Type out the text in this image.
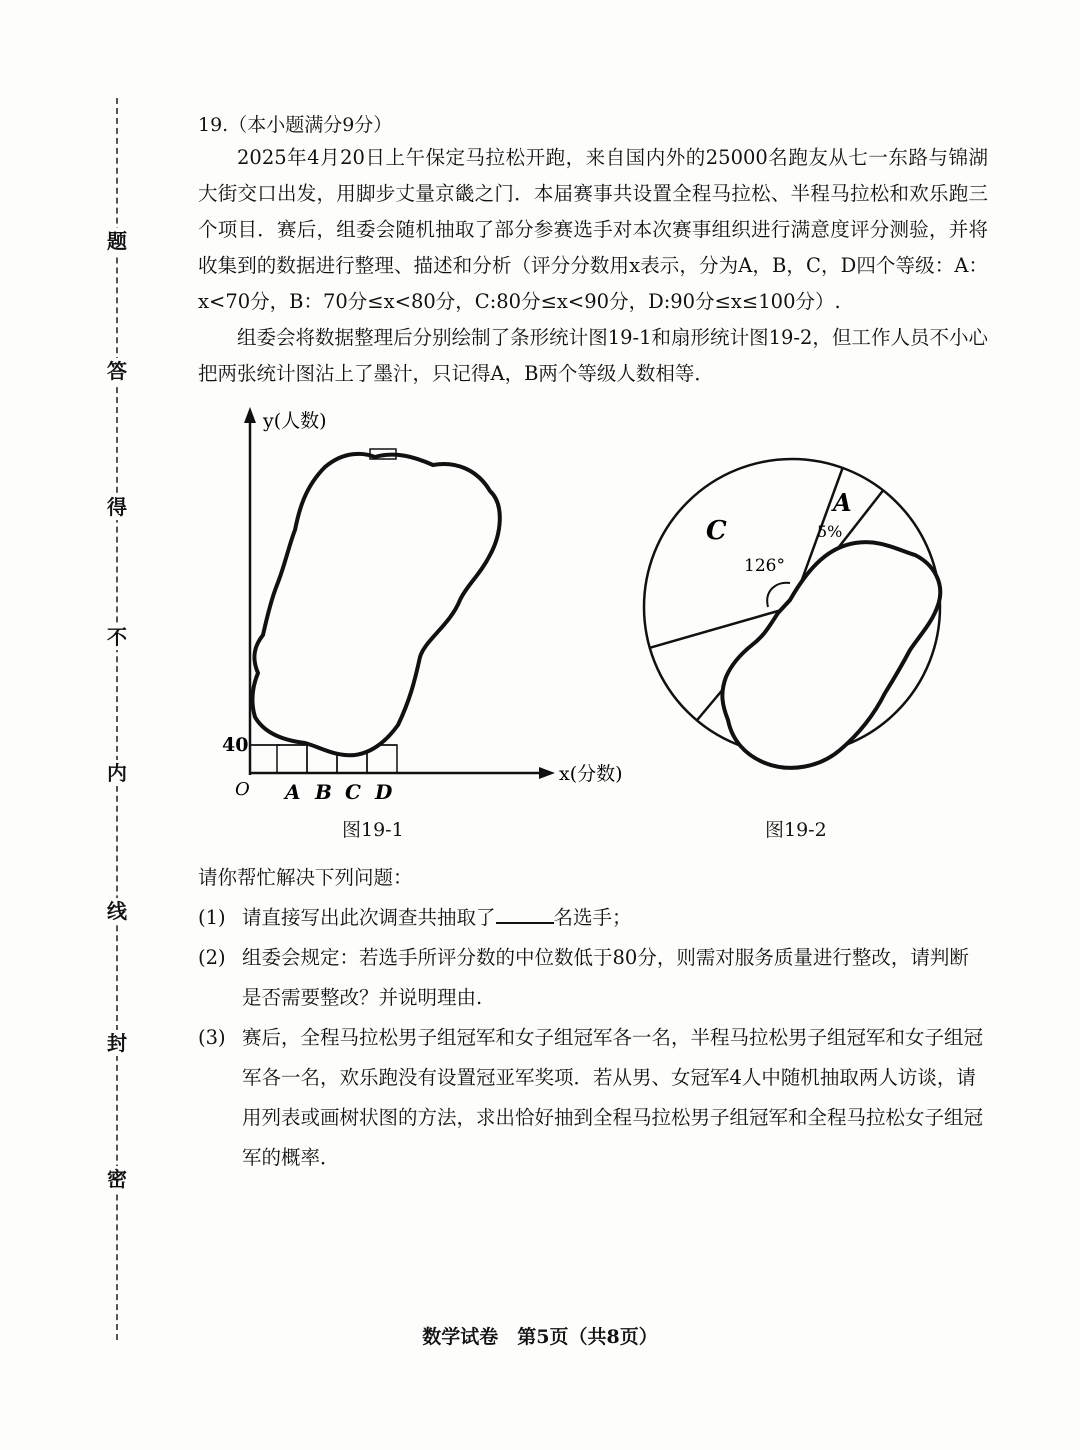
题
答
得
不
内
线
封
密
19.（本小题满分9分）

2025年4月20日上午保定马拉松开跑，来自国内外的25000名跑友从七一东路与锦湖大街交口出发，用脚步丈量京畿之门．本届赛事共设置全程马拉松、半程马拉松和欢乐跑三个项目．赛后，组委会随机抽取了部分参赛选手对本次赛事组织进行满意度评分测验，并将收集到的数据进行整理、描述和分析（评分分数用x表示，分为A，B，C，D四个等级：A：x<70分，B：70分≤x<80分，C:80分≤x<90分，D:90分≤x≤100分）.

组委会将数据整理后分别绘制了条形统计图19-1和扇形统计图19-2，但工作人员不小心把两张统计图沾上了墨汁，只记得A，B两个等级人数相等．

y(人数)
x(分数)
O
40
A B C D
图19-1
C
126°
A
5%
图19-2
请你帮忙解决下列问题：
(1) 请直接写出此次调查共抽取了	名选手；
(2) 组委会规定：若选手所评分数的中位数低于80分，则需对服务质量进行整改，请判断是否需要整改？并说明理由.
(3) 赛后，全程马拉松男子组冠军和女子组冠军各一名，半程马拉松男子组冠军和女子组冠军各一名，欢乐跑没有设置冠亚军奖项．若从男、女冠军4人中随机抽取两人访谈，请用列表或画树状图的方法，求出恰好抽到全程马拉松男子组冠军和全程马拉松女子组冠军的概率．
数学试卷　第5页（共8页）
